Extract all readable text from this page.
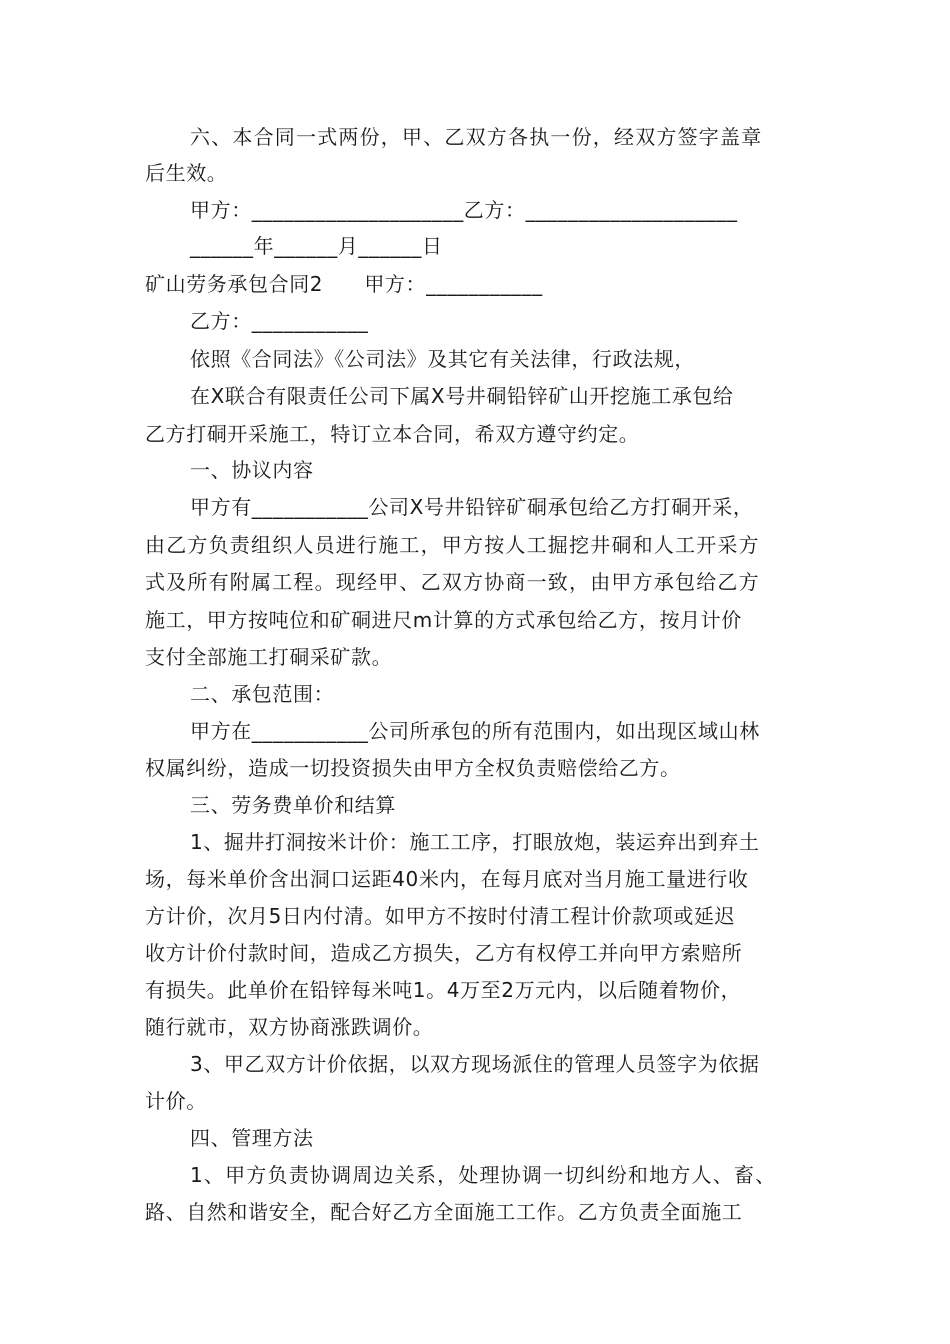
六、本合同一式两份，甲、乙双方各执一份，经双方签字盖章
后生效。
甲方：____________________乙方：____________________
______年______月______日
矿山劳务承包合同2　　甲方：___________
乙方：___________
依照《合同法》《公司法》及其它有关法律，行政法规，
在X联合有限责任公司下属X号井硐铅锌矿山开挖施工承包给
乙方打硐开采施工，特订立本合同，希双方遵守约定。
一、协议内容
甲方有___________公司X号井铅锌矿硐承包给乙方打硐开采，
由乙方负责组织人员进行施工，甲方按人工掘挖井硐和人工开采方
式及所有附属工程。现经甲、乙双方协商一致，由甲方承包给乙方
施工，甲方按吨位和矿硐进尺m计算的方式承包给乙方，按月计价
支付全部施工打硐采矿款。
二、承包范围：
甲方在___________公司所承包的所有范围内，如出现区域山林
权属纠纷，造成一切投资损失由甲方全权负责赔偿给乙方。
三、劳务费单价和结算
1、掘井打洞按米计价：施工工序，打眼放炮，装运弃出到弃土
场，每米单价含出洞口运距40米内，在每月底对当月施工量进行收
方计价，次月5日内付清。如甲方不按时付清工程计价款项或延迟
收方计价付款时间，造成乙方损失，乙方有权停工并向甲方索赔所
有损失。此单价在铅锌每米吨1。4万至2万元内，以后随着物价，
随行就市，双方协商涨跌调价。
3、甲乙双方计价依据，以双方现场派住的管理人员签字为依据
计价。
四、管理方法
1、甲方负责协调周边关系，处理协调一切纠纷和地方人、畜、
路、自然和谐安全，配合好乙方全面施工工作。乙方负责全面施工
